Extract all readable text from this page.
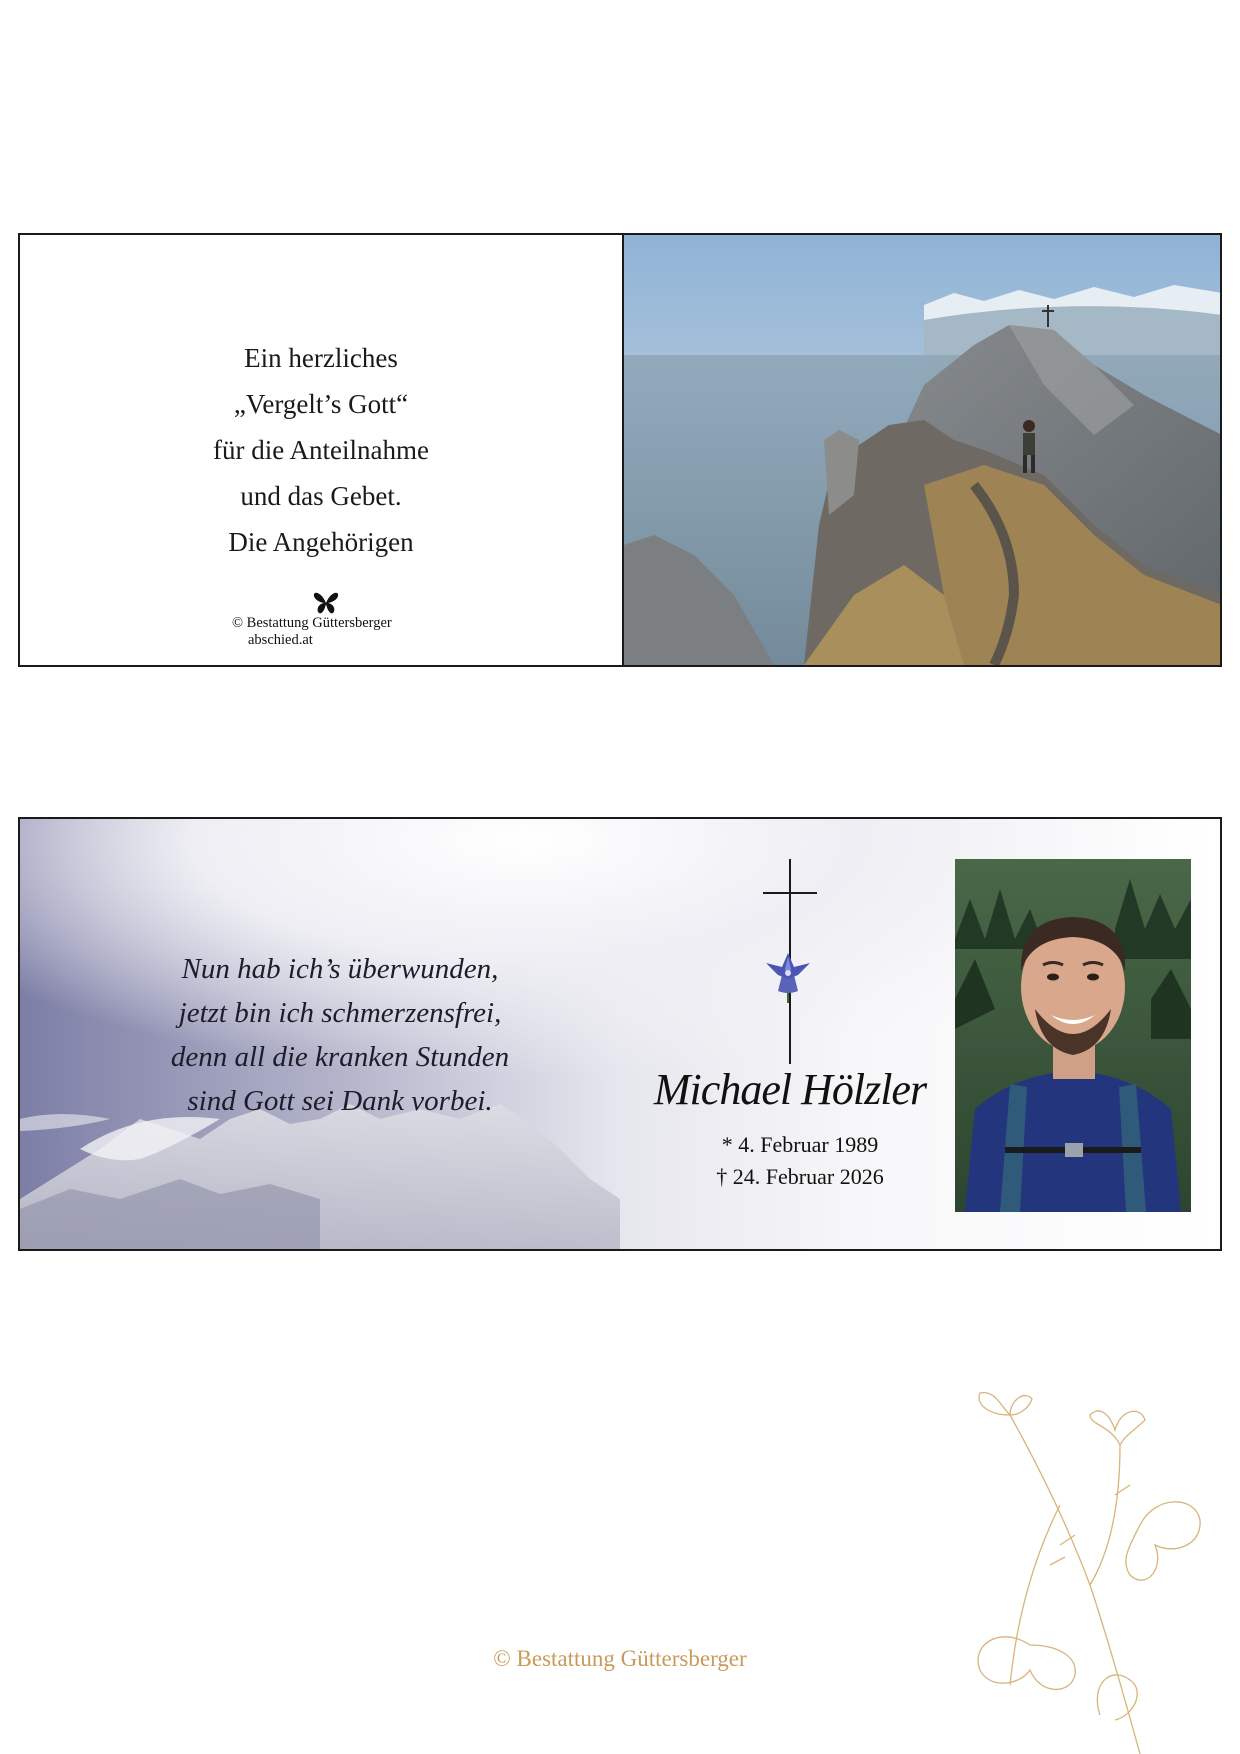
Ein herzliches
„Vergelt’s Gott“
für die Anteilnahme
und das Gebet.
Die Angehörigen
© Bestattung Güttersberger
abschied.at
Nun hab ich’s überwunden,
jetzt bin ich schmerzensfrei,
denn all die kranken Stunden
sind Gott sei Dank vorbei.	Michael Hölzler
* 4. Februar 1989
† 24. Februar 2026
© Bestattung Güttersberger
